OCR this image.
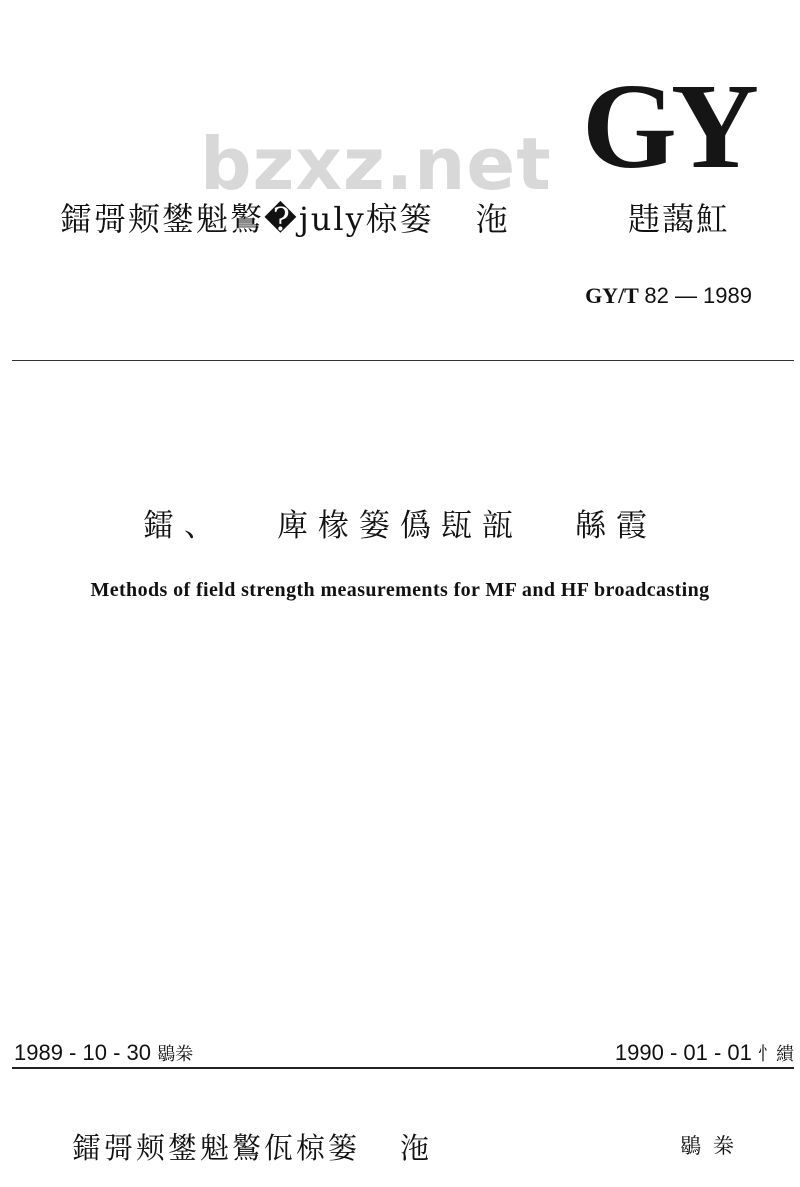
GY
bzxz.net
鐳彁颊鐢魁鸄�july椋篓 沲	韪藹魟
GY/T 82 — 1989
鐳、 庳椽篓僞瓺瓿 緜霞
Methods of field strength measurements for MF and HF broadcasting
1989 - 10 - 30 鶡桊	1990 - 01 - 01 忄繢
鐳彁颊鐢魁鸄佤椋篓 沲	鶡桊
